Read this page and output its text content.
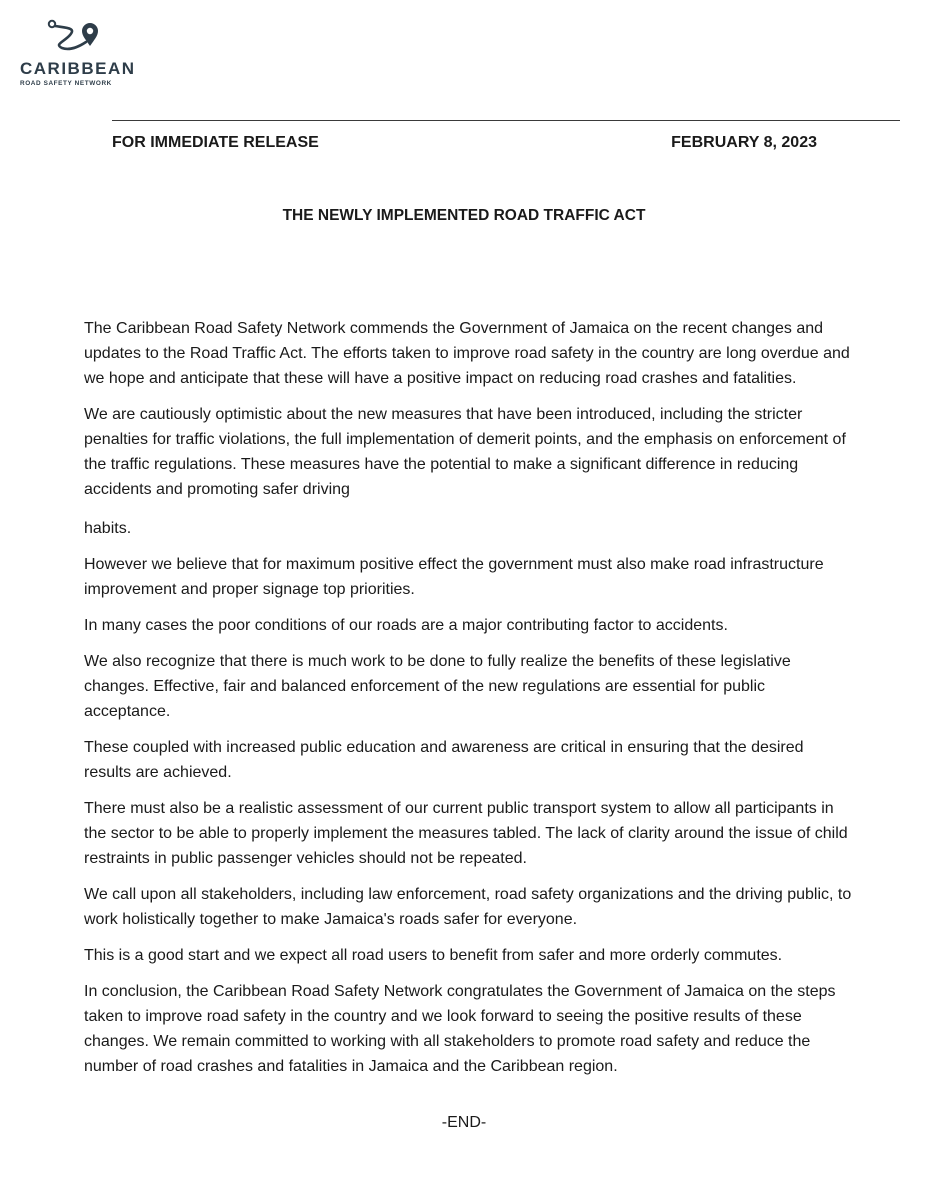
CARIBBEAN
ROAD SAFETY NETWORK
FOR IMMEDIATE RELEASE	FEBRUARY 8, 2023
THE NEWLY IMPLEMENTED ROAD TRAFFIC ACT

The Caribbean Road Safety Network commends the Government of Jamaica on the recent changes and updates to the Road Traffic Act. The efforts taken to improve road safety in the country are long overdue and we hope and anticipate that these will have a positive impact on reducing road crashes and fatalities.

We are cautiously optimistic about the new measures that have been introduced, including the stricter penalties for traffic violations, the full implementation of demerit points, and the emphasis on enforcement of the traffic regulations. These measures have the potential to make a significant difference in reducing accidents and promoting safer driving

habits.

However we believe that for maximum positive effect the government must also make road infrastructure improvement and proper signage top priorities.

In many cases the poor conditions of our roads are a major contributing factor to accidents.

We also recognize that there is much work to be done to fully realize the benefits of these legislative changes. Effective, fair and balanced enforcement of the new regulations are essential for public acceptance.

These coupled with increased public education and awareness are critical in ensuring that the desired results are achieved.

There must also be a realistic assessment of our current public transport system to allow all participants in the sector to be able to properly implement the measures tabled. The lack of clarity around the issue of child restraints in public passenger vehicles should not be repeated.

We call upon all stakeholders, including law enforcement, road safety organizations and the driving public, to work holistically together to make Jamaica's roads safer for everyone.

This is a good start and we expect all road users to benefit from safer and more orderly commutes.

In conclusion, the Caribbean Road Safety Network congratulates the Government of Jamaica on the steps taken to improve road safety in the country and we look forward to seeing the positive results of these changes. We remain committed to working with all stakeholders to promote road safety and reduce the number of road crashes and fatalities in Jamaica and the Caribbean region.

-END-
